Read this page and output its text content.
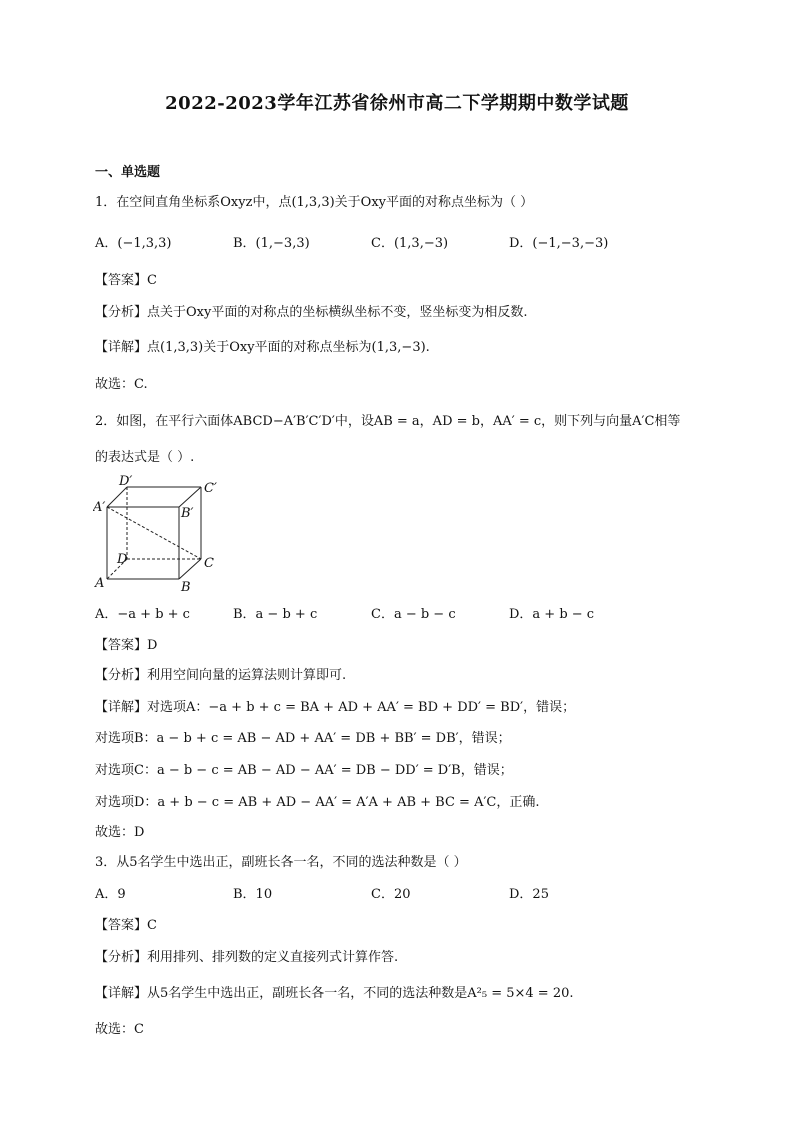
2022-2023学年江苏省徐州市高二下学期期中数学试题
一、单选题
1．在空间直角坐标系Oxyz中，点(1,3,3)关于Oxy平面的对称点坐标为（ ）
A．(−1,3,3)	B．(1,−3,3)	C．(1,3,−3)	D．(−1,−3,−3)
【答案】C
【分析】点关于Oxy平面的对称点的坐标横纵坐标不变，竖坐标变为相反数.
【详解】点(1,3,3)关于Oxy平面的对称点坐标为(1,3,−3).
故选：C.
2．如图，在平行六面体ABCD−A′B′C′D′中，设AB = a，AD = b，AA′ = c，则下列与向量A′C相等
的表达式是（ ）.
D′	C′
A′	B′
D	C
A	B
A．−a + b + c	B．a − b + c	C．a − b − c	D．a + b − c
【答案】D
【分析】利用空间向量的运算法则计算即可.
【详解】对选项A：−a + b + c = BA + AD + AA′ = BD + DD′ = BD′，错误；
对选项B：a − b + c = AB − AD + AA′ = DB + BB′ = DB′，错误；
对选项C：a − b − c = AB − AD − AA′ = DB − DD′ = D′B，错误；
对选项D：a + b − c = AB + AD − AA′ = A′A + AB + BC = A′C，正确.
故选：D
3．从5名学生中选出正，副班长各一名，不同的选法种数是（ ）
A．9	B．10	C．20	D．25
【答案】C
【分析】利用排列、排列数的定义直接列式计算作答.
【详解】从5名学生中选出正，副班长各一名，不同的选法种数是A²₅ = 5×4 = 20.
故选：C
